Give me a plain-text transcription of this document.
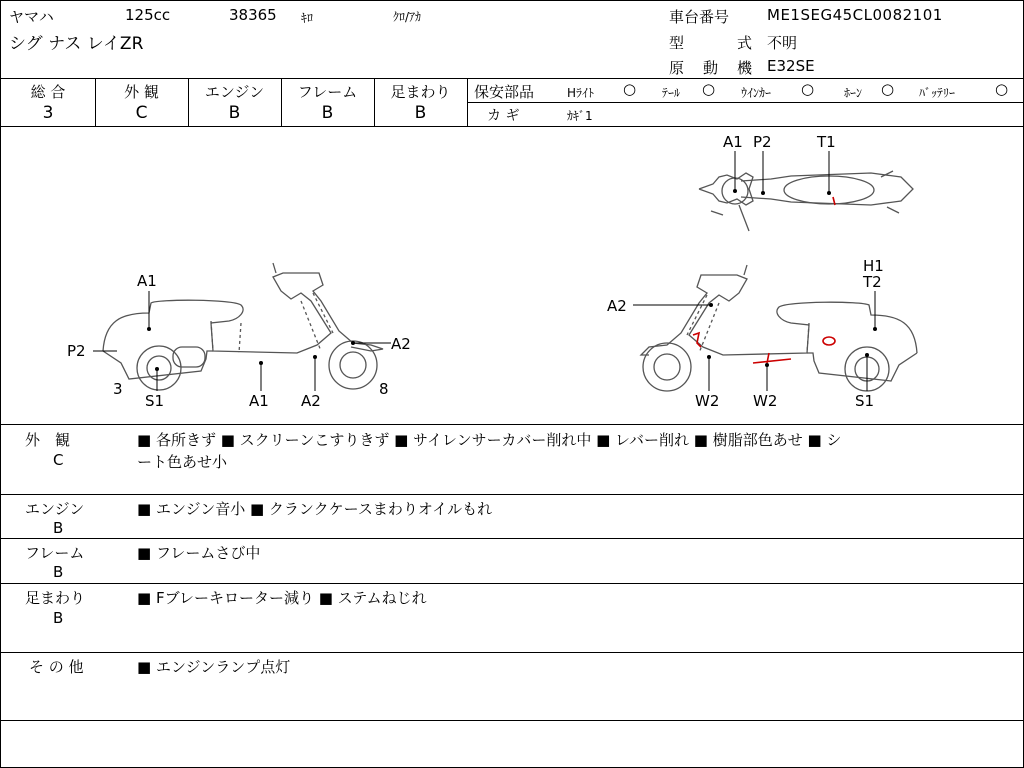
ヤマハ	125cc	38365 ｷﾛ	ｸﾛ/ｱｶ
シグ ナス レイZR
車台番号	ME1SEG45CL0082101
型	式 不明
原 動 機 E32SE
総 合
3
外 観
C
エンジン
B
フレーム
B
足まわり
B
保安部品	Hﾗｲﾄ ○ ﾃｰﾙ ○ ｳｲﾝｶｰ ○ ﾎｰﾝ ○ ﾊﾞｯﾃﾘｰ	○
カ ギ	ｶｷﾞ1
A1 P2	T1
A1
P2	A2
3
S1	A1 A2
8
H1
T2
A2
W2 W2	S1
外　観
C
■ 各所きず ■ スクリーンこすりきず ■ サイレンサーカバー削れ中 ■ レバー削れ ■ 樹脂部色あせ ■ シ
ート色あせ小
エンジン
B
■ エンジン音小 ■ クランクケースまわりオイルもれ
フレーム
B
■ フレームさび中
足まわり
B
■ Fブレーキローター減り ■ ステムねじれ
そ の 他	■ エンジンランプ点灯
